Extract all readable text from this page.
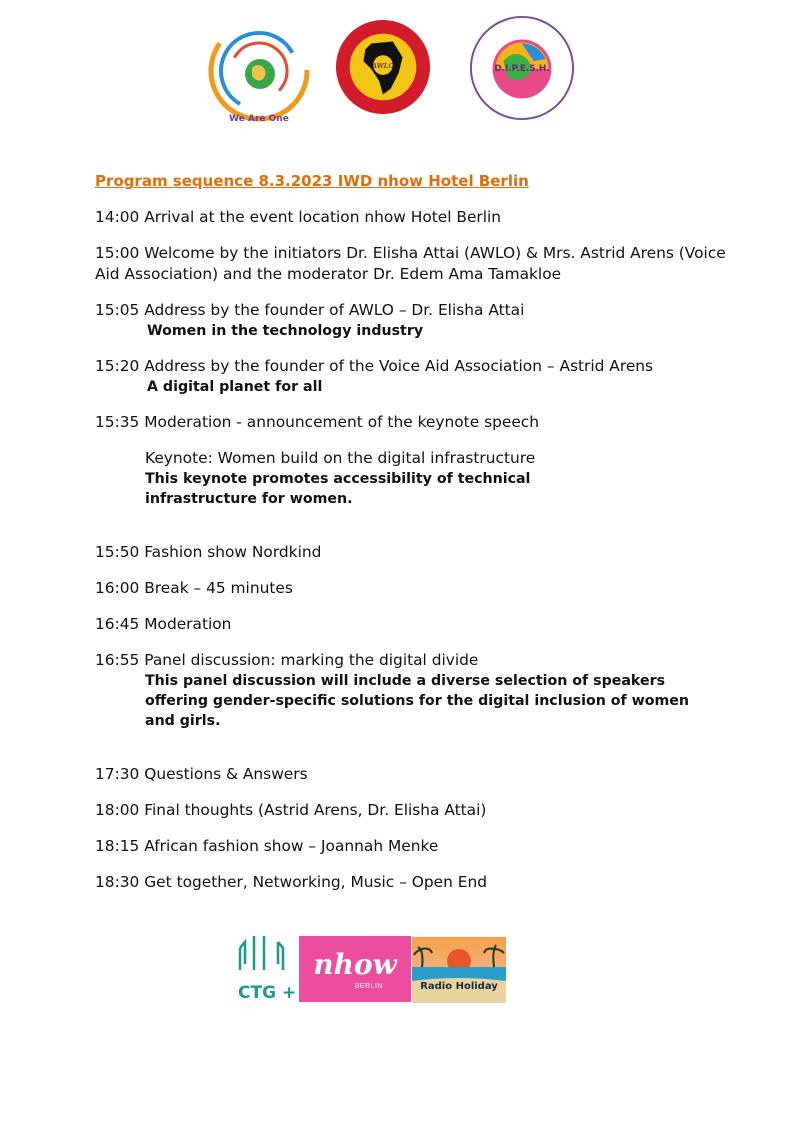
We Are One
AWLO	D.I.P.E.S.H.
Program sequence 8.3.2023 IWD nhow Hotel Berlin
14:00 Arrival at the event location nhow Hotel Berlin
15:00 Welcome by the initiators Dr. Elisha Attai (AWLO) & Mrs. Astrid Arens (Voice Aid Association) and the moderator Dr. Edem Ama Tamakloe
15:05 Address by the founder of AWLO – Dr. Elisha Attai
Women in the technology industry
15:20 Address by the founder of the Voice Aid Association – Astrid Arens
A digital planet for all
15:35 Moderation - announcement of the keynote speech
Keynote: Women build on the digital infrastructure
This keynote promotes accessibility of technical infrastructure for women.
15:50 Fashion show Nordkind
16:00 Break – 45 minutes
16:45 Moderation
16:55 Panel discussion: marking the digital divide
This panel discussion will include a diverse selection of speakers offering gender-specific solutions for the digital inclusion of women and girls.
17:30 Questions & Answers
18:00 Final thoughts (Astrid Arens, Dr. Elisha Attai)
18:15 African fashion show – Joannah Menke
18:30 Get together, Networking, Music – Open End
CTG +
nhow
BERLIN	Radio Holiday
